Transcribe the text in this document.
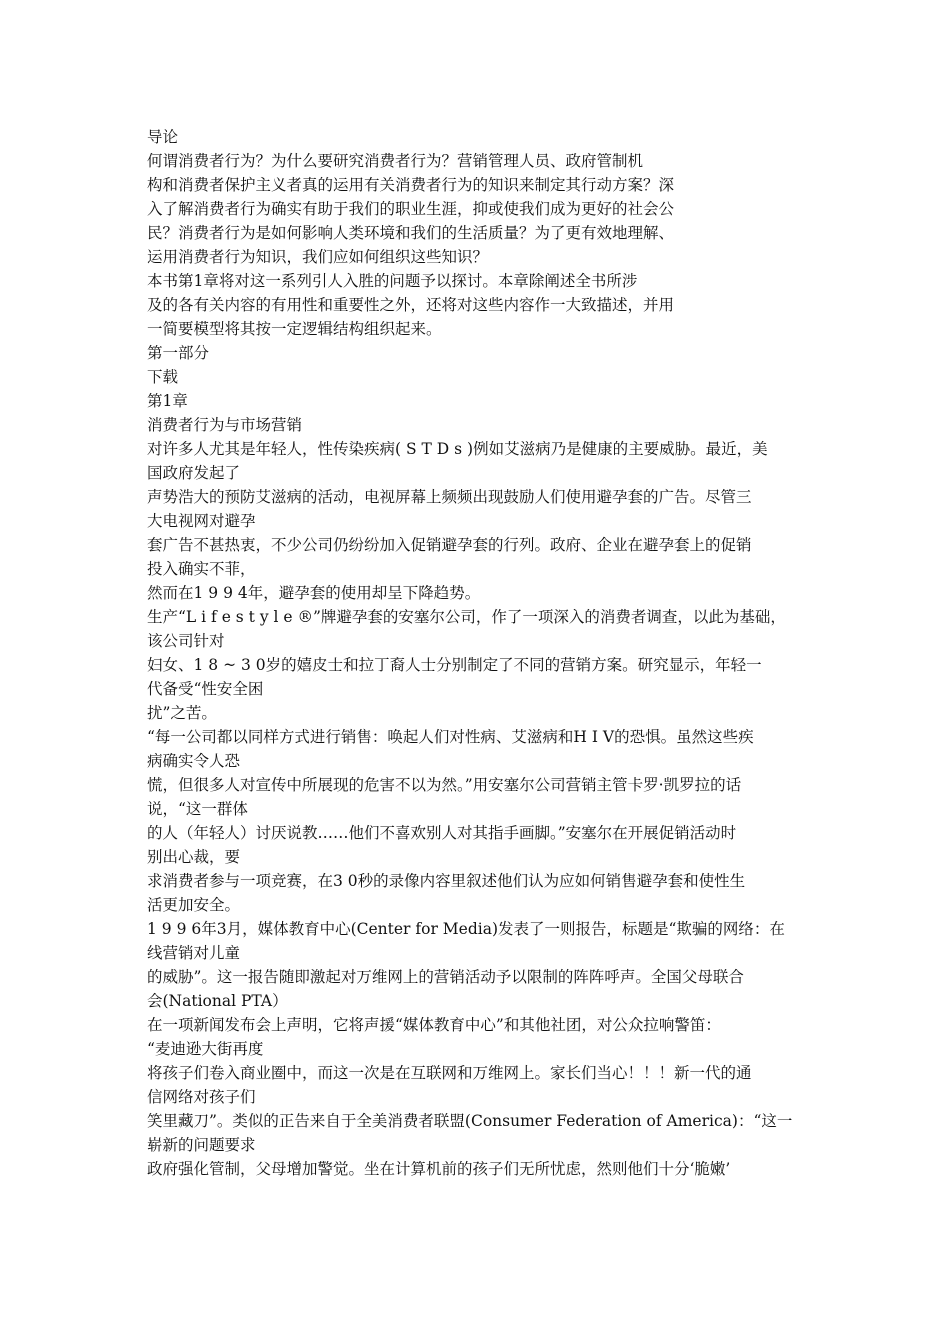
导论

何谓消费者行为？为什么要研究消费者行为？营销管理人员、政府管制机

构和消费者保护主义者真的运用有关消费者行为的知识来制定其行动方案？深

入了解消费者行为确实有助于我们的职业生涯，抑或使我们成为更好的社会公

民？消费者行为是如何影响人类环境和我们的生活质量？为了更有效地理解、

运用消费者行为知识，我们应如何组织这些知识？

本书第1章将对这一系列引人入胜的问题予以探讨。本章除阐述全书所涉

及的各有关内容的有用性和重要性之外，还将对这些内容作一大致描述，并用

一简要模型将其按一定逻辑结构组织起来。

第一部分

下载

第1章

消费者行为与市场营销

对许多人尤其是年轻人，性传染疾病( S T D s )例如艾滋病乃是健康的主要威胁。最近，美

国政府发起了

声势浩大的预防艾滋病的活动，电视屏幕上频频出现鼓励人们使用避孕套的广告。尽管三

大电视网对避孕

套广告不甚热衷，不少公司仍纷纷加入促销避孕套的行列。政府、企业在避孕套上的促销

投入确实不菲，

然而在1 9 9 4年，避孕套的使用却呈下降趋势。

生产“L i f e s t y l e ®”牌避孕套的安塞尔公司，作了一项深入的消费者调查，以此为基础，

该公司针对

妇女、1 8 ~ 3 0岁的嬉皮士和拉丁裔人士分别制定了不同的营销方案。研究显示，年轻一

代备受“性安全困

扰”之苦。

“每一公司都以同样方式进行销售：唤起人们对性病、艾滋病和H I V的恐惧。虽然这些疾

病确实令人恐

慌，但很多人对宣传中所展现的危害不以为然。”用安塞尔公司营销主管卡罗·凯罗拉的话

说，“这一群体

的人（年轻人）讨厌说教……他们不喜欢别人对其指手画脚。”安塞尔在开展促销活动时

别出心裁，要

求消费者参与一项竞赛，在3 0秒的录像内容里叙述他们认为应如何销售避孕套和使性生

活更加安全。

1 9 9 6年3月，媒体教育中心(Center for Media)发表了一则报告，标题是“欺骗的网络：在

线营销对儿童

的威胁”。这一报告随即激起对万维网上的营销活动予以限制的阵阵呼声。全国父母联合

会(National PTA）

在一项新闻发布会上声明，它将声援“媒体教育中心”和其他社团，对公众拉响警笛：

“麦迪逊大街再度

将孩子们卷入商业圈中，而这一次是在互联网和万维网上。家长们当心！！！新一代的通

信网络对孩子们

笑里藏刀”。类似的正告来自于全美消费者联盟(Consumer Federation of America)：“这一

崭新的问题要求

政府强化管制，父母增加警觉。坐在计算机前的孩子们无所忧虑，然则他们十分‘脆嫩’
